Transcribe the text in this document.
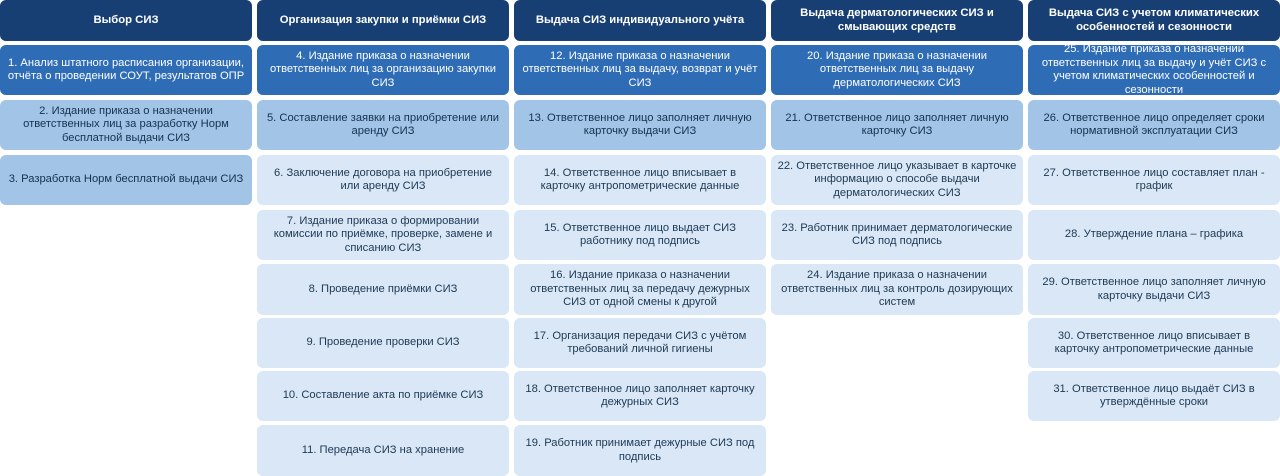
Выбор СИЗ
1. Анализ штатного расписания организации, отчёта о проведении СОУТ, результатов ОПР
2. Издание приказа о назначении ответственных лиц за разработку Норм бесплатной выдачи СИЗ
3. Разработка Норм бесплатной выдачи СИЗ
Организация закупки и приёмки СИЗ
4. Издание приказа о назначении ответственных лиц за организацию закупки СИЗ
5. Составление заявки на приобретение или аренду СИЗ
6. Заключение договора на приобретение или аренду СИЗ
7. Издание приказа о формировании комиссии по приёмке, проверке, замене и списанию СИЗ
8. Проведение приёмки СИЗ
9. Проведение проверки СИЗ
10. Составление акта по приёмке СИЗ
11. Передача СИЗ на хранение
Выдача СИЗ индивидуального учёта
12. Издание приказа о назначении ответственных лиц за выдачу, возврат и учёт СИЗ
13. Ответственное лицо заполняет личную карточку выдачи СИЗ
14. Ответственное лицо вписывает в карточку антропометрические данные
15. Ответственное лицо выдает СИЗ работнику под подпись
16. Издание приказа о назначении ответственных лиц за передачу дежурных СИЗ от одной смены к другой
17. Организация передачи СИЗ с учётом требований личной гигиены
18. Ответственное лицо заполняет карточку дежурных СИЗ
19. Работник принимает дежурные СИЗ под подпись
Выдача дерматологических СИЗ и смывающих средств
20. Издание приказа о назначении ответственных лиц за выдачу дерматологических СИЗ
21. Ответственное лицо заполняет личную карточку СИЗ
22. Ответственное лицо указывает в карточке информацию о способе выдачи дерматологических СИЗ
23. Работник принимает дерматологические СИЗ под подпись
24. Издание приказа о назначении ответственных лиц за контроль дозирующих систем
Выдача СИЗ с учетом климатических особенностей и сезонности
25. Издание приказа о назначении ответственных лиц за выдачу и учёт СИЗ с учетом климатических особенностей и сезонности
26. Ответственное лицо определяет сроки нормативной эксплуатации СИЗ
27. Ответственное лицо составляет план - график
28. Утверждение плана – графика
29. Ответственное лицо заполняет личную карточку выдачи СИЗ
30. Ответственное лицо вписывает в карточку антропометрические данные
31. Ответственное лицо выдаёт СИЗ в утверждённые сроки
